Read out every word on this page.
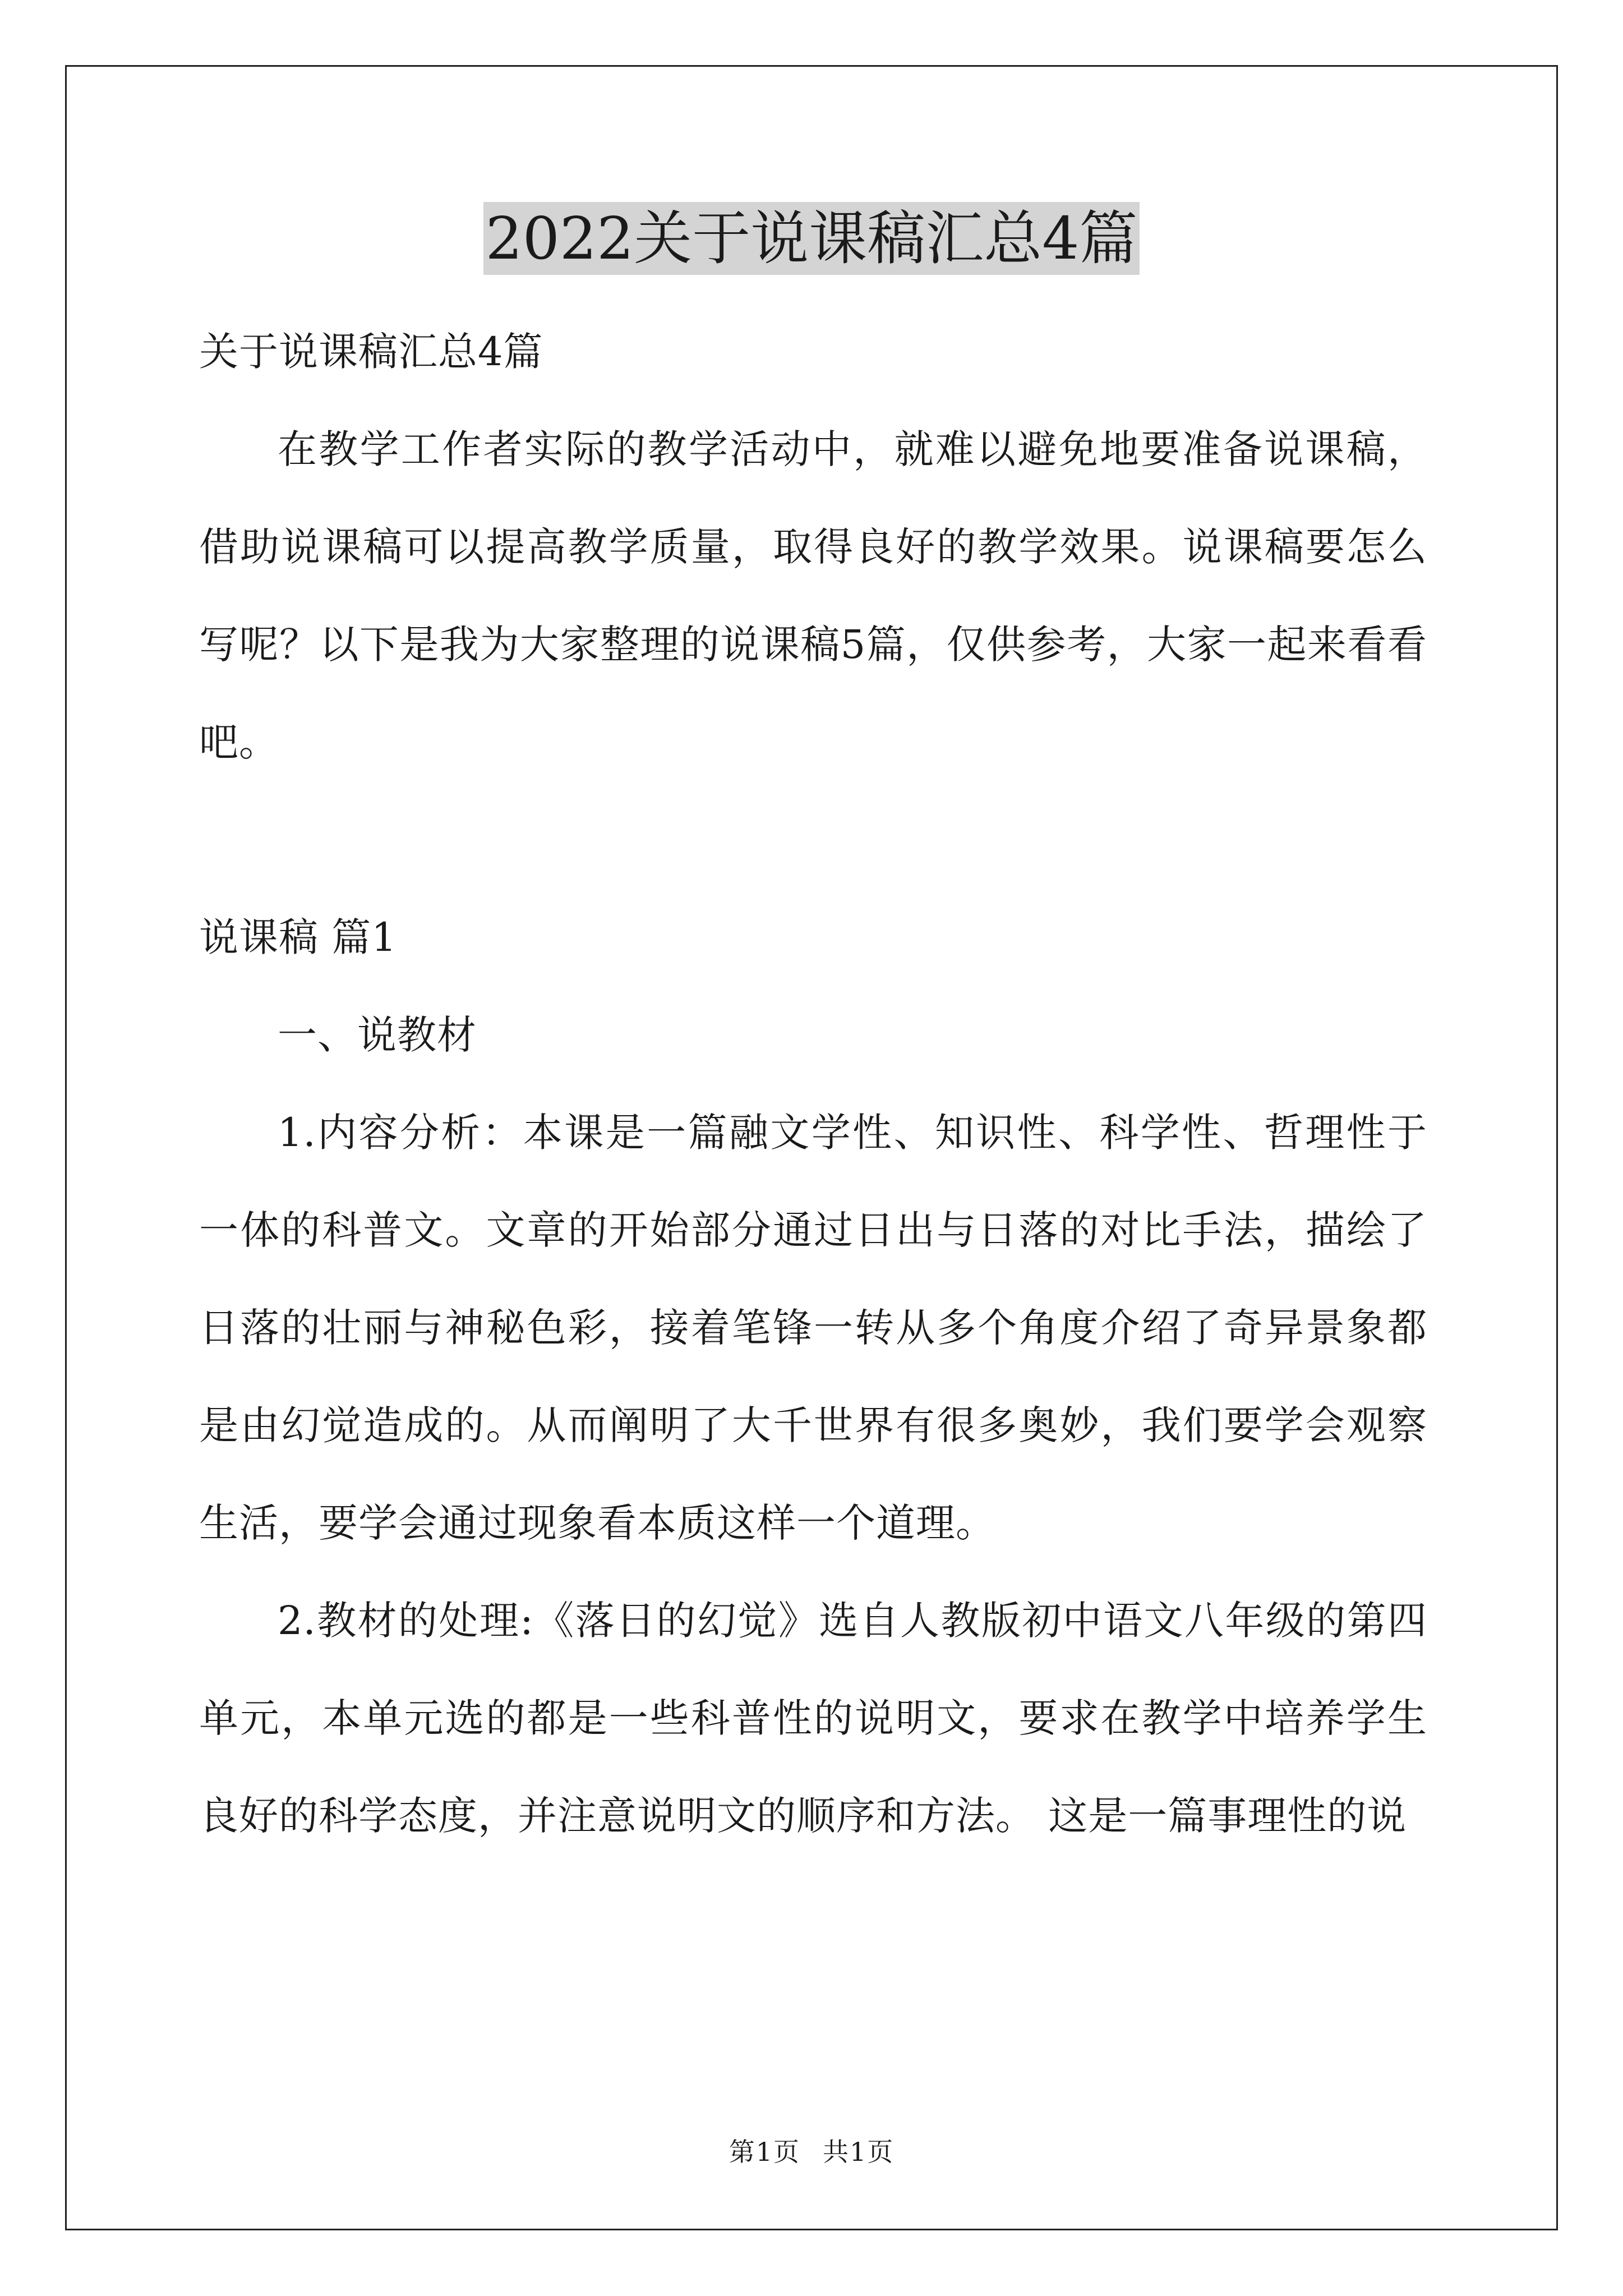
2022关于说课稿汇总4篇

关于说课稿汇总4篇

在教学工作者实际的教学活动中，就难以避免地要准备说课稿，借助说课稿可以提高教学质量，取得良好的教学效果。说课稿要怎么写呢？以下是我为大家整理的说课稿5篇，仅供参考，大家一起来看看吧。

说课稿 篇1

一、说教材

1.内容分析：本课是一篇融文学性、知识性、科学性、哲理性于一体的科普文。文章的开始部分通过日出与日落的对比手法，描绘了日落的壮丽与神秘色彩，接着笔锋一转从多个角度介绍了奇异景象都是由幻觉造成的。从而阐明了大千世界有很多奥妙，我们要学会观察生活，要学会通过现象看本质这样一个道理。

2.教材的处理:《落日的幻觉》选自人教版初中语文八年级的第四单元，本单元选的都是一些科普性的说明文，要求在教学中培养学生良好的科学态度，并注意说明文的顺序和方法。 这是一篇事理性的说

第1页 共1页
